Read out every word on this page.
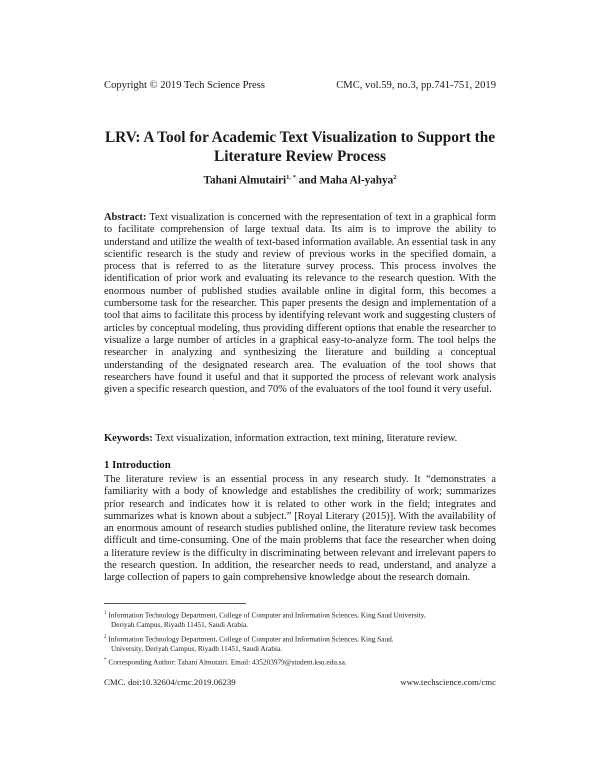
Copyright © 2019 Tech Science Press	CMC, vol.59, no.3, pp.741-751, 2019
LRV: A Tool for Academic Text Visualization to Support the
Literature Review Process
Tahani Almutairi$^{1, *}$ and Maha Al-yahya$^2$
Abstract: Text visualization is concerned with the representation of text in a graphical form to facilitate comprehension of large textual data. Its aim is to improve the ability to understand and utilize the wealth of text-based information available. An essential task in any scientific research is the study and review of previous works in the specified domain, a process that is referred to as the literature survey process. This process involves the identification of prior work and evaluating its relevance to the research question. With the enormous number of published studies available online in digital form, this becomes a cumbersome task for the researcher. This paper presents the design and implementation of a tool that aims to facilitate this process by identifying relevant work and suggesting clusters of articles by conceptual modeling, thus providing different options that enable the researcher to visualize a large number of articles in a graphical easy-to-analyze form. The tool helps the researcher in analyzing and synthesizing the literature and building a conceptual understanding of the designated research area. The evaluation of the tool shows that researchers have found it useful and that it supported the process of relevant work analysis given a specific research question, and 70% of the evaluators of the tool found it very useful.
Keywords: Text visualization, information extraction, text mining, literature review.
1 Introduction
The literature review is an essential process in any research study. It “demonstrates a familiarity with a body of knowledge and establishes the credibility of work; summarizes prior research and indicates how it is related to other work in the field; integrates and summarizes what is known about a subject.” [Royal Literary (2015)]. With the availability of an enormous amount of research studies published online, the literature review task becomes difficult and time-consuming. One of the main problems that face the researcher when doing a literature review is the difficulty in discriminating between relevant and irrelevant papers to the research question. In addition, the researcher needs to read, understand, and analyze a large collection of papers to gain comprehensive knowledge about the research domain.
$^1$ Information Technology Department, College of Computer and Information Sciences, King Saud University,
Deriyah Campus, Riyadh 11451, Saudi Arabia.
$^2$ Information Technology Department, College of Computer and Information Sciences, King Saud.
University, Deriyah Campus, Riyadh 11451, Saudi Arabia.
* Corresponding Author: Tahani Almutairi. Email: 435203979@student.ksu.edu.sa.
CMC. doi:10.32604/cmc.2019.06239	www.techscience.com/cmc
